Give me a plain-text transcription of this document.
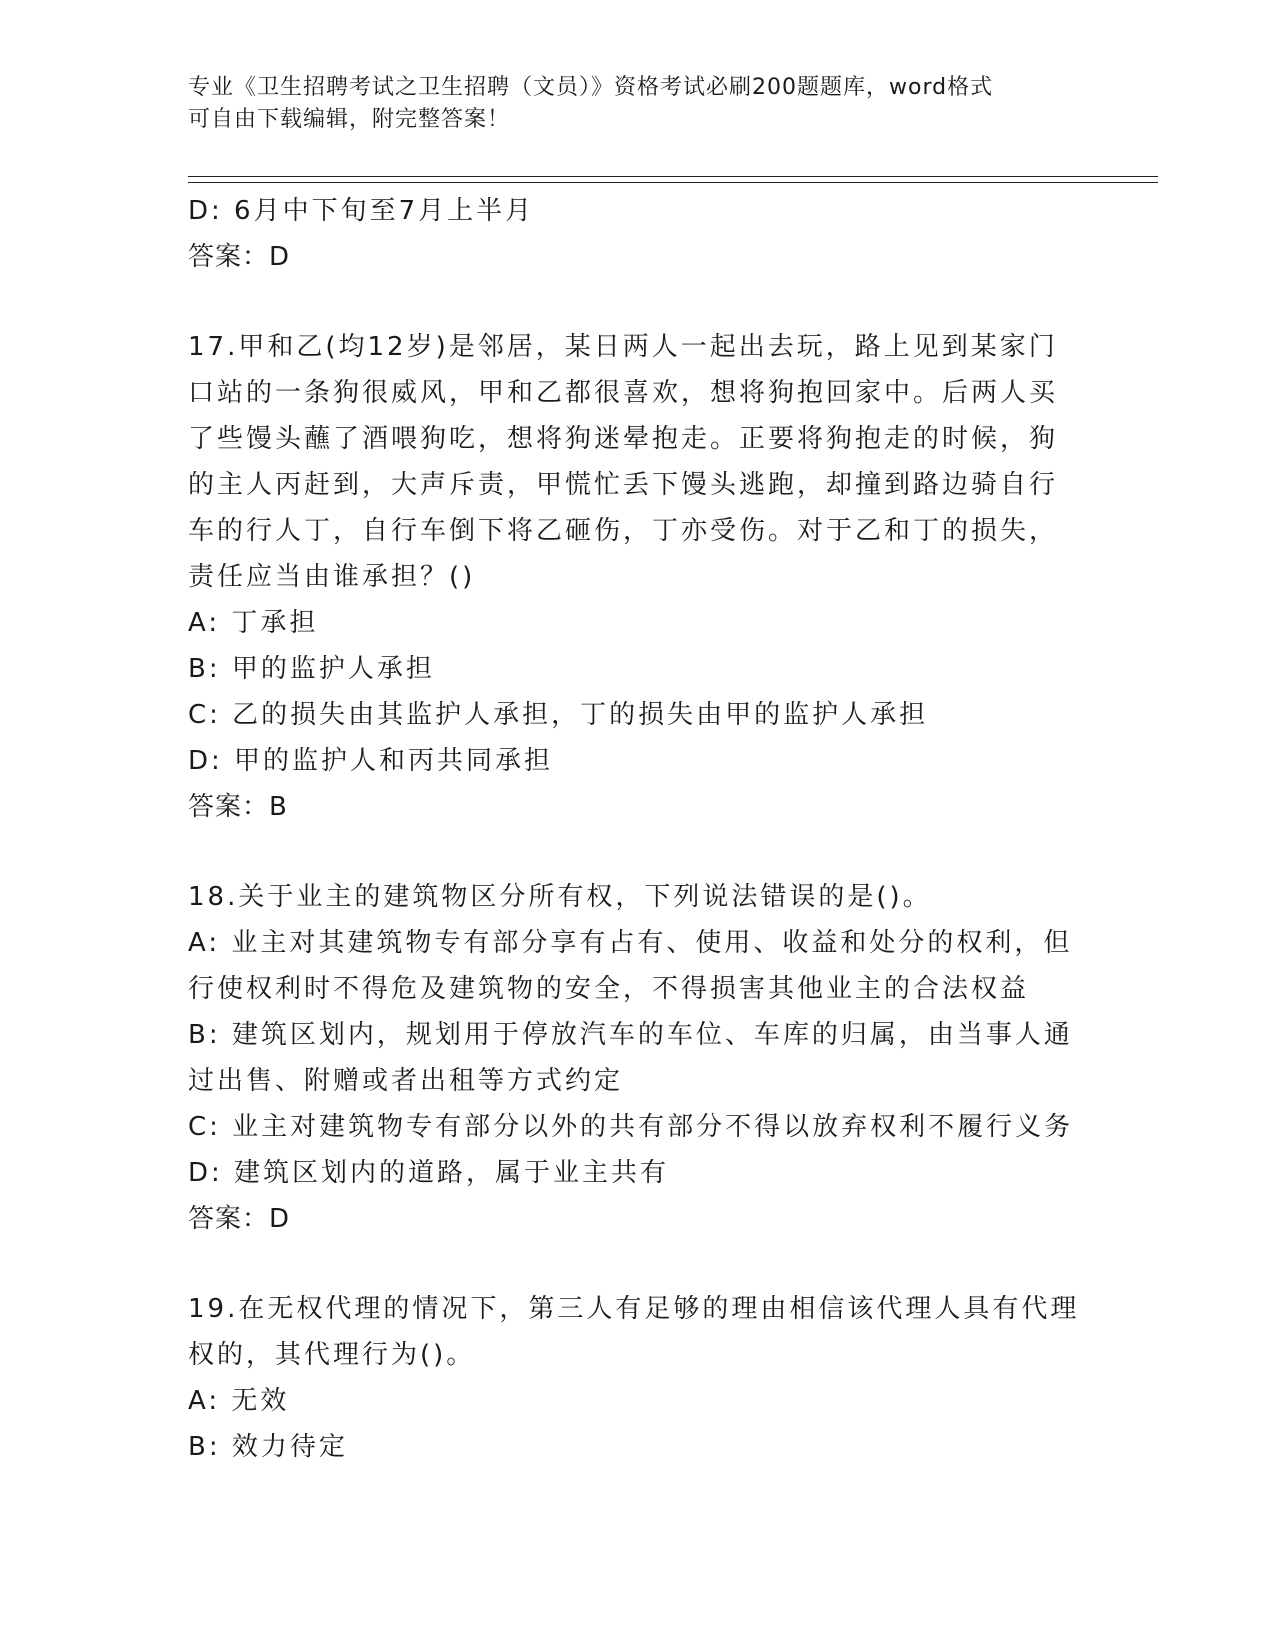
专业《卫生招聘考试之卫生招聘（文员）》资格考试必刷200题题库，word格式
可自由下载编辑，附完整答案！
D: 6月中下旬至7月上半月
答案：D
17.甲和乙(均12岁)是邻居，某日两人一起出去玩，路上见到某家门
口站的一条狗很威风，甲和乙都很喜欢，想将狗抱回家中。后两人买
了些馒头蘸了酒喂狗吃，想将狗迷晕抱走。正要将狗抱走的时候，狗
的主人丙赶到，大声斥责，甲慌忙丢下馒头逃跑，却撞到路边骑自行
车的行人丁，自行车倒下将乙砸伤，丁亦受伤。对于乙和丁的损失，
责任应当由谁承担？()
A: 丁承担
B: 甲的监护人承担
C: 乙的损失由其监护人承担，丁的损失由甲的监护人承担
D: 甲的监护人和丙共同承担
答案：B
18.关于业主的建筑物区分所有权，下列说法错误的是()。
A: 业主对其建筑物专有部分享有占有、使用、收益和处分的权利，但
行使权利时不得危及建筑物的安全，不得损害其他业主的合法权益
B: 建筑区划内，规划用于停放汽车的车位、车库的归属，由当事人通
过出售、附赠或者出租等方式约定
C: 业主对建筑物专有部分以外的共有部分不得以放弃权利不履行义务
D: 建筑区划内的道路，属于业主共有
答案：D
19.在无权代理的情况下，第三人有足够的理由相信该代理人具有代理
权的，其代理行为()。
A: 无效
B: 效力待定
